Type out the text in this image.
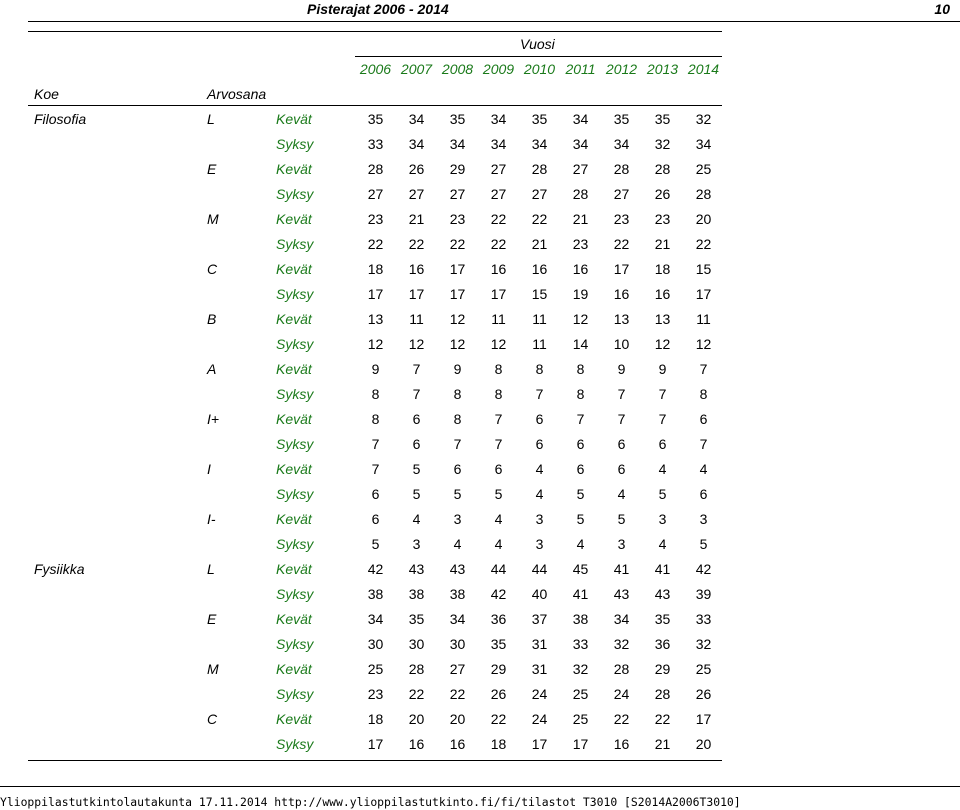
Pisterajat 2006 - 2014	10
Vuosi
2006 2007 2008 2009 2010 2011 2012 2013 2014
Koe	Arvosana
Filosofia	L	Kevät	35	34	35	34	35	34	35	35	32
Syksy	33	34	34	34	34	34	34	32	34
E	Kevät	28	26	29	27	28	27	28	28	25
Syksy	27	27	27	27	27	28	27	26	28
M	Kevät	23	21	23	22	22	21	23	23	20
Syksy	22	22	22	22	21	23	22	21	22
C	Kevät	18	16	17	16	16	16	17	18	15
Syksy	17	17	17	17	15	19	16	16	17
B	Kevät	13	11	12	11	11	12	13	13	11
Syksy	12	12	12	12	11	14	10	12	12
A	Kevät	9	7	9	8	8	8	9	9	7
Syksy	8	7	8	8	7	8	7	7	8
I+	Kevät	8	6	8	7	6	7	7	7	6
Syksy	7	6	7	7	6	6	6	6	7
I	Kevät	7	5	6	6	4	6	6	4	4
Syksy	6	5	5	5	4	5	4	5	6
I-	Kevät	6	4	3	4	3	5	5	3	3
Syksy	5	3	4	4	3	4	3	4	5
Fysiikka	L	Kevät	42	43	43	44	44	45	41	41	42
Syksy	38	38	38	42	40	41	43	43	39
E	Kevät	34	35	34	36	37	38	34	35	33
Syksy	30	30	30	35	31	33	32	36	32
M	Kevät	25	28	27	29	31	32	28	29	25
Syksy	23	22	22	26	24	25	24	28	26
C	Kevät	18	20	20	22	24	25	22	22	17
Syksy	17	16	16	18	17	17	16	21	20
Ylioppilastutkintolautakunta 17.11.2014 http://www.ylioppilastutkinto.fi/fi/tilastot T3010 [S2014A2006T3010]
